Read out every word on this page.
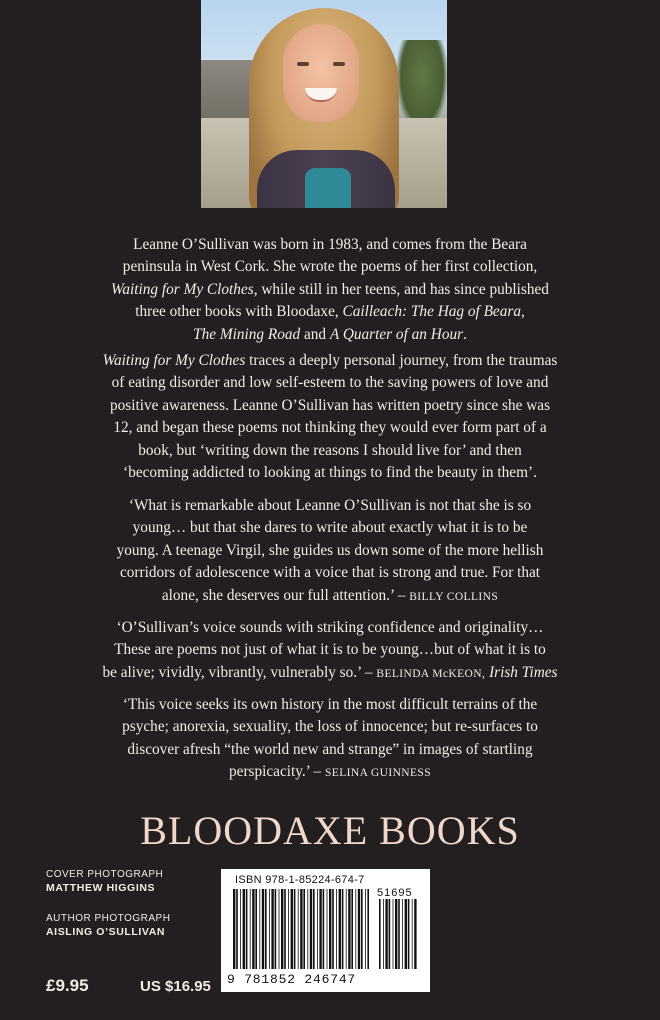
Leanne O’Sullivan was born in 1983, and comes from the Beara
peninsula in West Cork. She wrote the poems of her first collection,
Waiting for My Clothes, while still in her teens, and has since published
three other books with Bloodaxe, Cailleach: The Hag of Beara,
The Mining Road and A Quarter of an Hour.

Waiting for My Clothes traces a deeply personal journey, from the traumas
of eating disorder and low self-esteem to the saving powers of love and
positive awareness. Leanne O’Sullivan has written poetry since she was
12, and began these poems not thinking they would ever form part of a
book, but ‘writing down the reasons I should live for’ and then
‘becoming addicted to looking at things to find the beauty in them’.

‘What is remarkable about Leanne O’Sullivan is not that she is so
young… but that she dares to write about exactly what it is to be
young. A teenage Virgil, she guides us down some of the more hellish
corridors of adolescence with a voice that is strong and true. For that
alone, she deserves our full attention.’ – BILLY COLLINS

‘O’Sullivan’s voice sounds with striking confidence and originality…
These are poems not just of what it is to be young…but of what it is to
be alive; vividly, vibrantly, vulnerably so.’ – BELINDA McKEON, Irish Times

‘This voice seeks its own history in the most difficult terrains of the
psyche; anorexia, sexuality, the loss of innocence; but re-surfaces to
discover afresh “the world new and strange” in images of startling
perspicacity.’ – SELINA GUINNESS

BLOODAXE BOOKS
COVER PHOTOGRAPH
MATTHEW HIGGINS
AUTHOR PHOTOGRAPH
AISLING O’SULLIVAN
£9.95	US $16.95
ISBN 978-1-85224-674-7
51695
9 781852 246747
